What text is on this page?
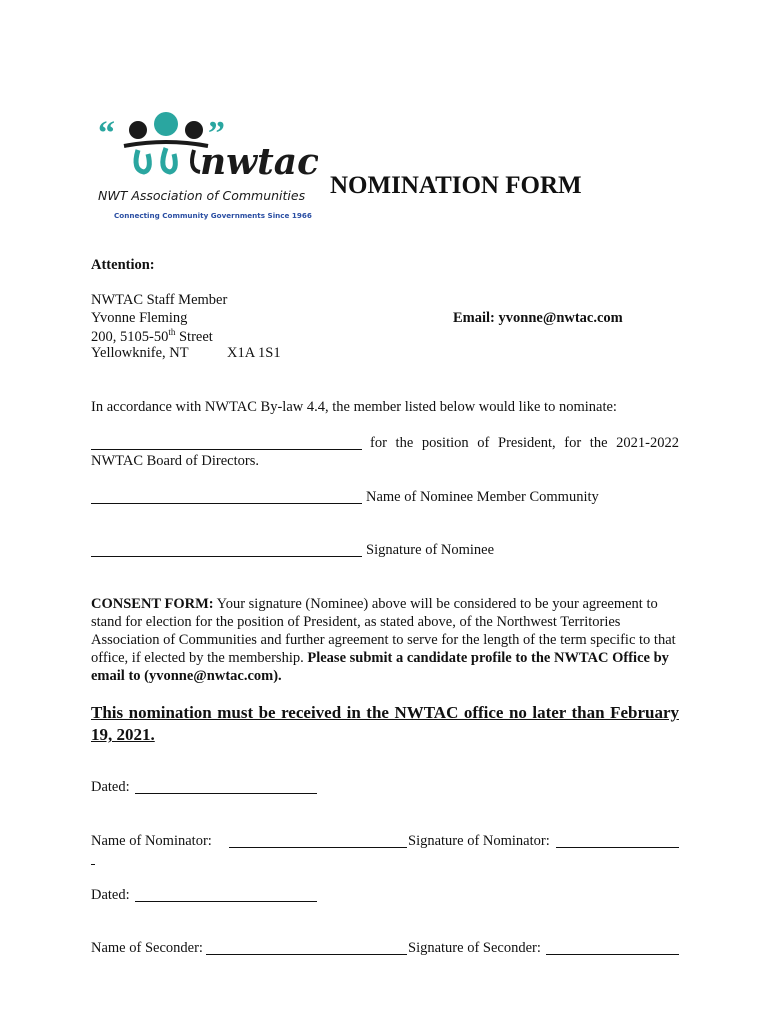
“	”
nwtac
NWT Association of Communities
Connecting Community Governments Since 1966
NOMINATION FORM
Attention:
NWTAC Staff Member
Yvonne Fleming
200, 5105-50th Street
Yellowknife, NT	X1A 1S1
Email: yvonne@nwtac.com
In accordance with NWTAC By-law 4.4, the member listed below would like to nominate:
for the position of President, for the 2021-2022
NWTAC Board of Directors.
Name of Nominee Member Community
Signature of Nominee
CONSENT FORM: Your signature (Nominee) above will be considered to be your agreement to stand for election for the position of President, as stated above, of the Northwest Territories Association of Communities and further agreement to serve for the length of the term specific to that office, if elected by the membership. Please submit a candidate profile to the NWTAC Office by email to (yvonne@nwtac.com).
This nomination must be received in the NWTAC office no later than February 19, 2021.
Dated:
Name of Nominator:	Signature of Nominator:
Dated:
Name of Seconder:	Signature of Seconder:
